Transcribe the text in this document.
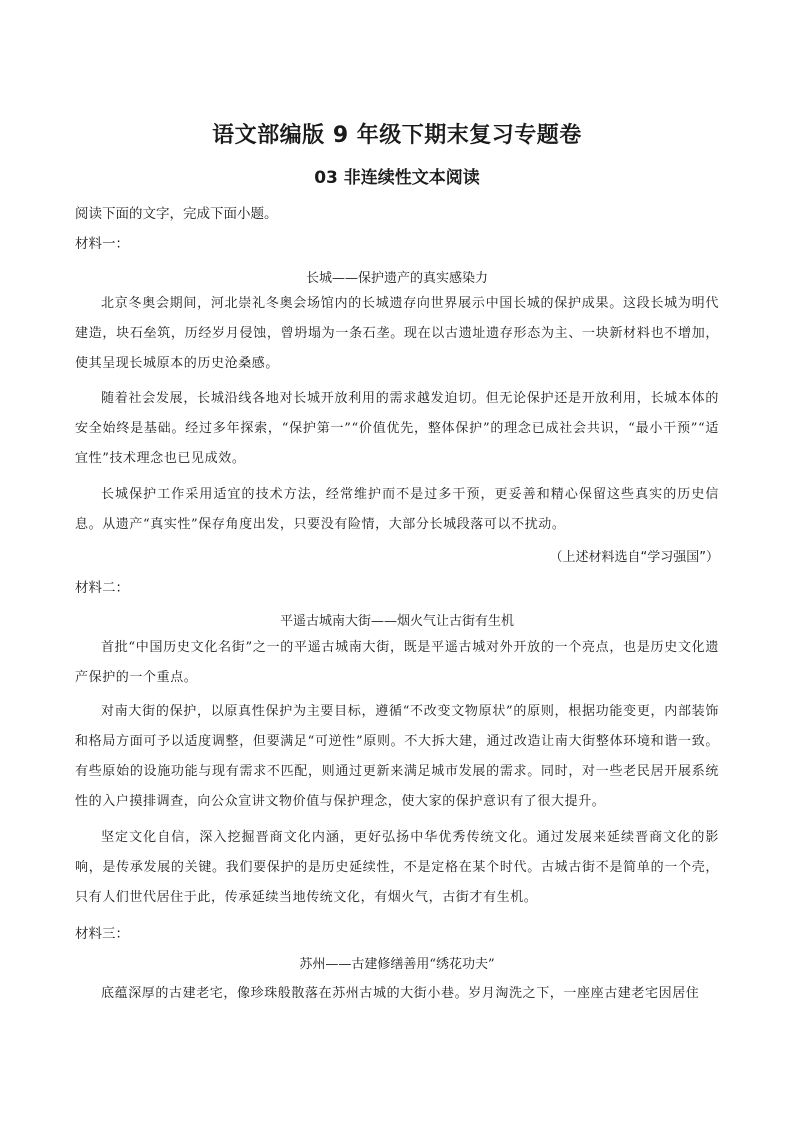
语文部编版 9 年级下期末复习专题卷
03 非连续性文本阅读
阅读下面的文字，完成下面小题。
材料一：
长城——保护遗产的真实感染力

北京冬奥会期间，河北崇礼冬奥会场馆内的长城遗存向世界展示中国长城的保护成果。这段长城为明代建造，块石垒筑，历经岁月侵蚀，曾坍塌为一条石垄。现在以古遗址遗存形态为主、一块新材料也不增加，使其呈现长城原本的历史沧桑感。

随着社会发展，长城沿线各地对长城开放利用的需求越发迫切。但无论保护还是开放利用，长城本体的安全始终是基础。经过多年探索，“保护第一”“价值优先，整体保护”的理念已成社会共识，“最小干预”“适宜性”技术理念也已见成效。

长城保护工作采用适宜的技术方法，经常维护而不是过多干预，更妥善和精心保留这些真实的历史信息。从遗产“真实性”保存角度出发，只要没有险情，大部分长城段落可以不扰动。

（上述材料选自“学习强国”）
材料二：
平遥古城南大街——烟火气让古街有生机

首批“中国历史文化名街”之一的平遥古城南大街，既是平遥古城对外开放的一个亮点，也是历史文化遗产保护的一个重点。

对南大街的保护，以原真性保护为主要目标，遵循“不改变文物原状”的原则，根据功能变更，内部装饰和格局方面可予以适度调整，但要满足“可逆性”原则。不大拆大建，通过改造让南大街整体环境和谐一致。有些原始的设施功能与现有需求不匹配，则通过更新来满足城市发展的需求。同时，对一些老民居开展系统性的入户摸排调查，向公众宣讲文物价值与保护理念，使大家的保护意识有了很大提升。

坚定文化自信，深入挖掘晋商文化内涵，更好弘扬中华优秀传统文化。通过发展来延续晋商文化的影响，是传承发展的关键。我们要保护的是历史延续性，不是定格在某个时代。古城古街不是简单的一个壳，只有人们世代居住于此，传承延续当地传统文化，有烟火气，古街才有生机。

材料三：
苏州——古建修缮善用“绣花功夫”

底蕴深厚的古建老宅，像珍珠般散落在苏州古城的大街小巷。岁月淘洗之下，一座座古建老宅因居住
